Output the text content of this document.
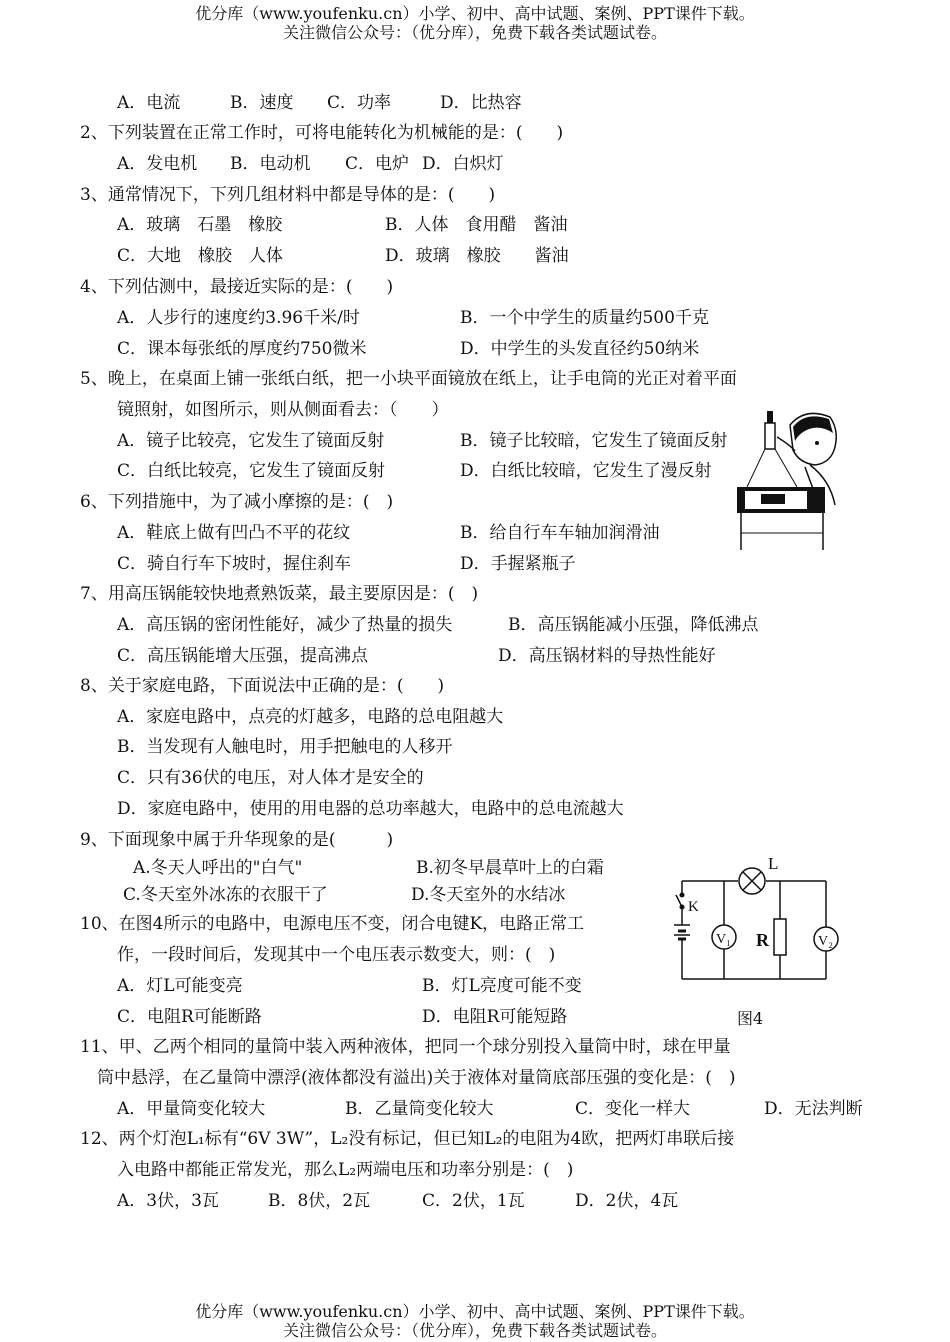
优分库（www.youfenku.cn）小学、初中、高中试题、案例、PPT课件下载。
关注微信公众号：（优分库），免费下载各类试题试卷。
A．电流	B．速度 C．功率	D．比热容
2、下列装置在正常工作时，可将电能转化为机械能的是：(　　)
A．发电机 B．电动机 C．电炉 D．白炽灯
3、通常情况下，下列几组材料中都是导体的是：(　　)
A．玻璃　石墨　橡胶	B．人体　食用醋　酱油
C．大地　橡胶　人体	D．玻璃　橡胶　　酱油
4、下列估测中，最接近实际的是：(　　)
A．人步行的速度约3.96千米/时	B．一个中学生的质量约500千克
C．课本每张纸的厚度约750微米	D．中学生的头发直径约50纳米
5、晚上，在桌面上铺一张纸白纸，把一小块平面镜放在纸上，让手电筒的光正对着平面
镜照射，如图所示，则从侧面看去：（　　）
A．镜子比较亮，它发生了镜面反射	B．镜子比较暗，它发生了镜面反射
C．白纸比较亮，它发生了镜面反射	D．白纸比较暗，它发生了漫反射
6、下列措施中，为了减小摩擦的是：(　)
A．鞋底上做有凹凸不平的花纹	B．给自行车车轴加润滑油
C．骑自行车下坡时，握住刹车	D．手握紧瓶子
7、用高压锅能较快地煮熟饭菜，最主要原因是：(　)
A．高压锅的密闭性能好，减少了热量的损失	B．高压锅能减小压强，降低沸点
C．高压锅能增大压强，提高沸点	D．高压锅材料的导热性能好
8、关于家庭电路，下面说法中正确的是：(　　)
A．家庭电路中，点亮的灯越多，电路的总电阻越大
B．当发现有人触电时，用手把触电的人移开
C．只有36伏的电压，对人体才是安全的
D．家庭电路中，使用的用电器的总功率越大，电路中的总电流越大
9、下面现象中属于升华现象的是(　　　)
A.冬天人呼出的"白气"	B.初冬早晨草叶上的白霜
C.冬天室外冰冻的衣服干了	D.冬天室外的水结冰
10、在图4所示的电路中，电源电压不变，闭合电键K，电路正常工
作，一段时间后，发现其中一个电压表示数变大，则：(　)
A．灯L可能变亮	B．灯L亮度可能不变
C．电阻R可能断路	D．电阻R可能短路
L
K
R
V₁	V₂
图4
11、甲、乙两个相同的量筒中装入两种液体，把同一个球分别投入量筒中时，球在甲量
筒中悬浮，在乙量筒中漂浮(液体都没有溢出)关于液体对量筒底部压强的变化是：(　)
A．甲量筒变化较大	B．乙量筒变化较大	C．变化一样大	D．无法判断
12、两个灯泡L₁标有“6V 3W”，L₂没有标记，但已知L₂的电阻为4欧，把两灯串联后接
入电路中都能正常发光，那么L₂两端电压和功率分别是：(　)
A．3伏，3瓦	B．8伏，2瓦	C．2伏，1瓦	D．2伏，4瓦
优分库（www.youfenku.cn）小学、初中、高中试题、案例、PPT课件下载。
关注微信公众号：（优分库），免费下载各类试题试卷。
